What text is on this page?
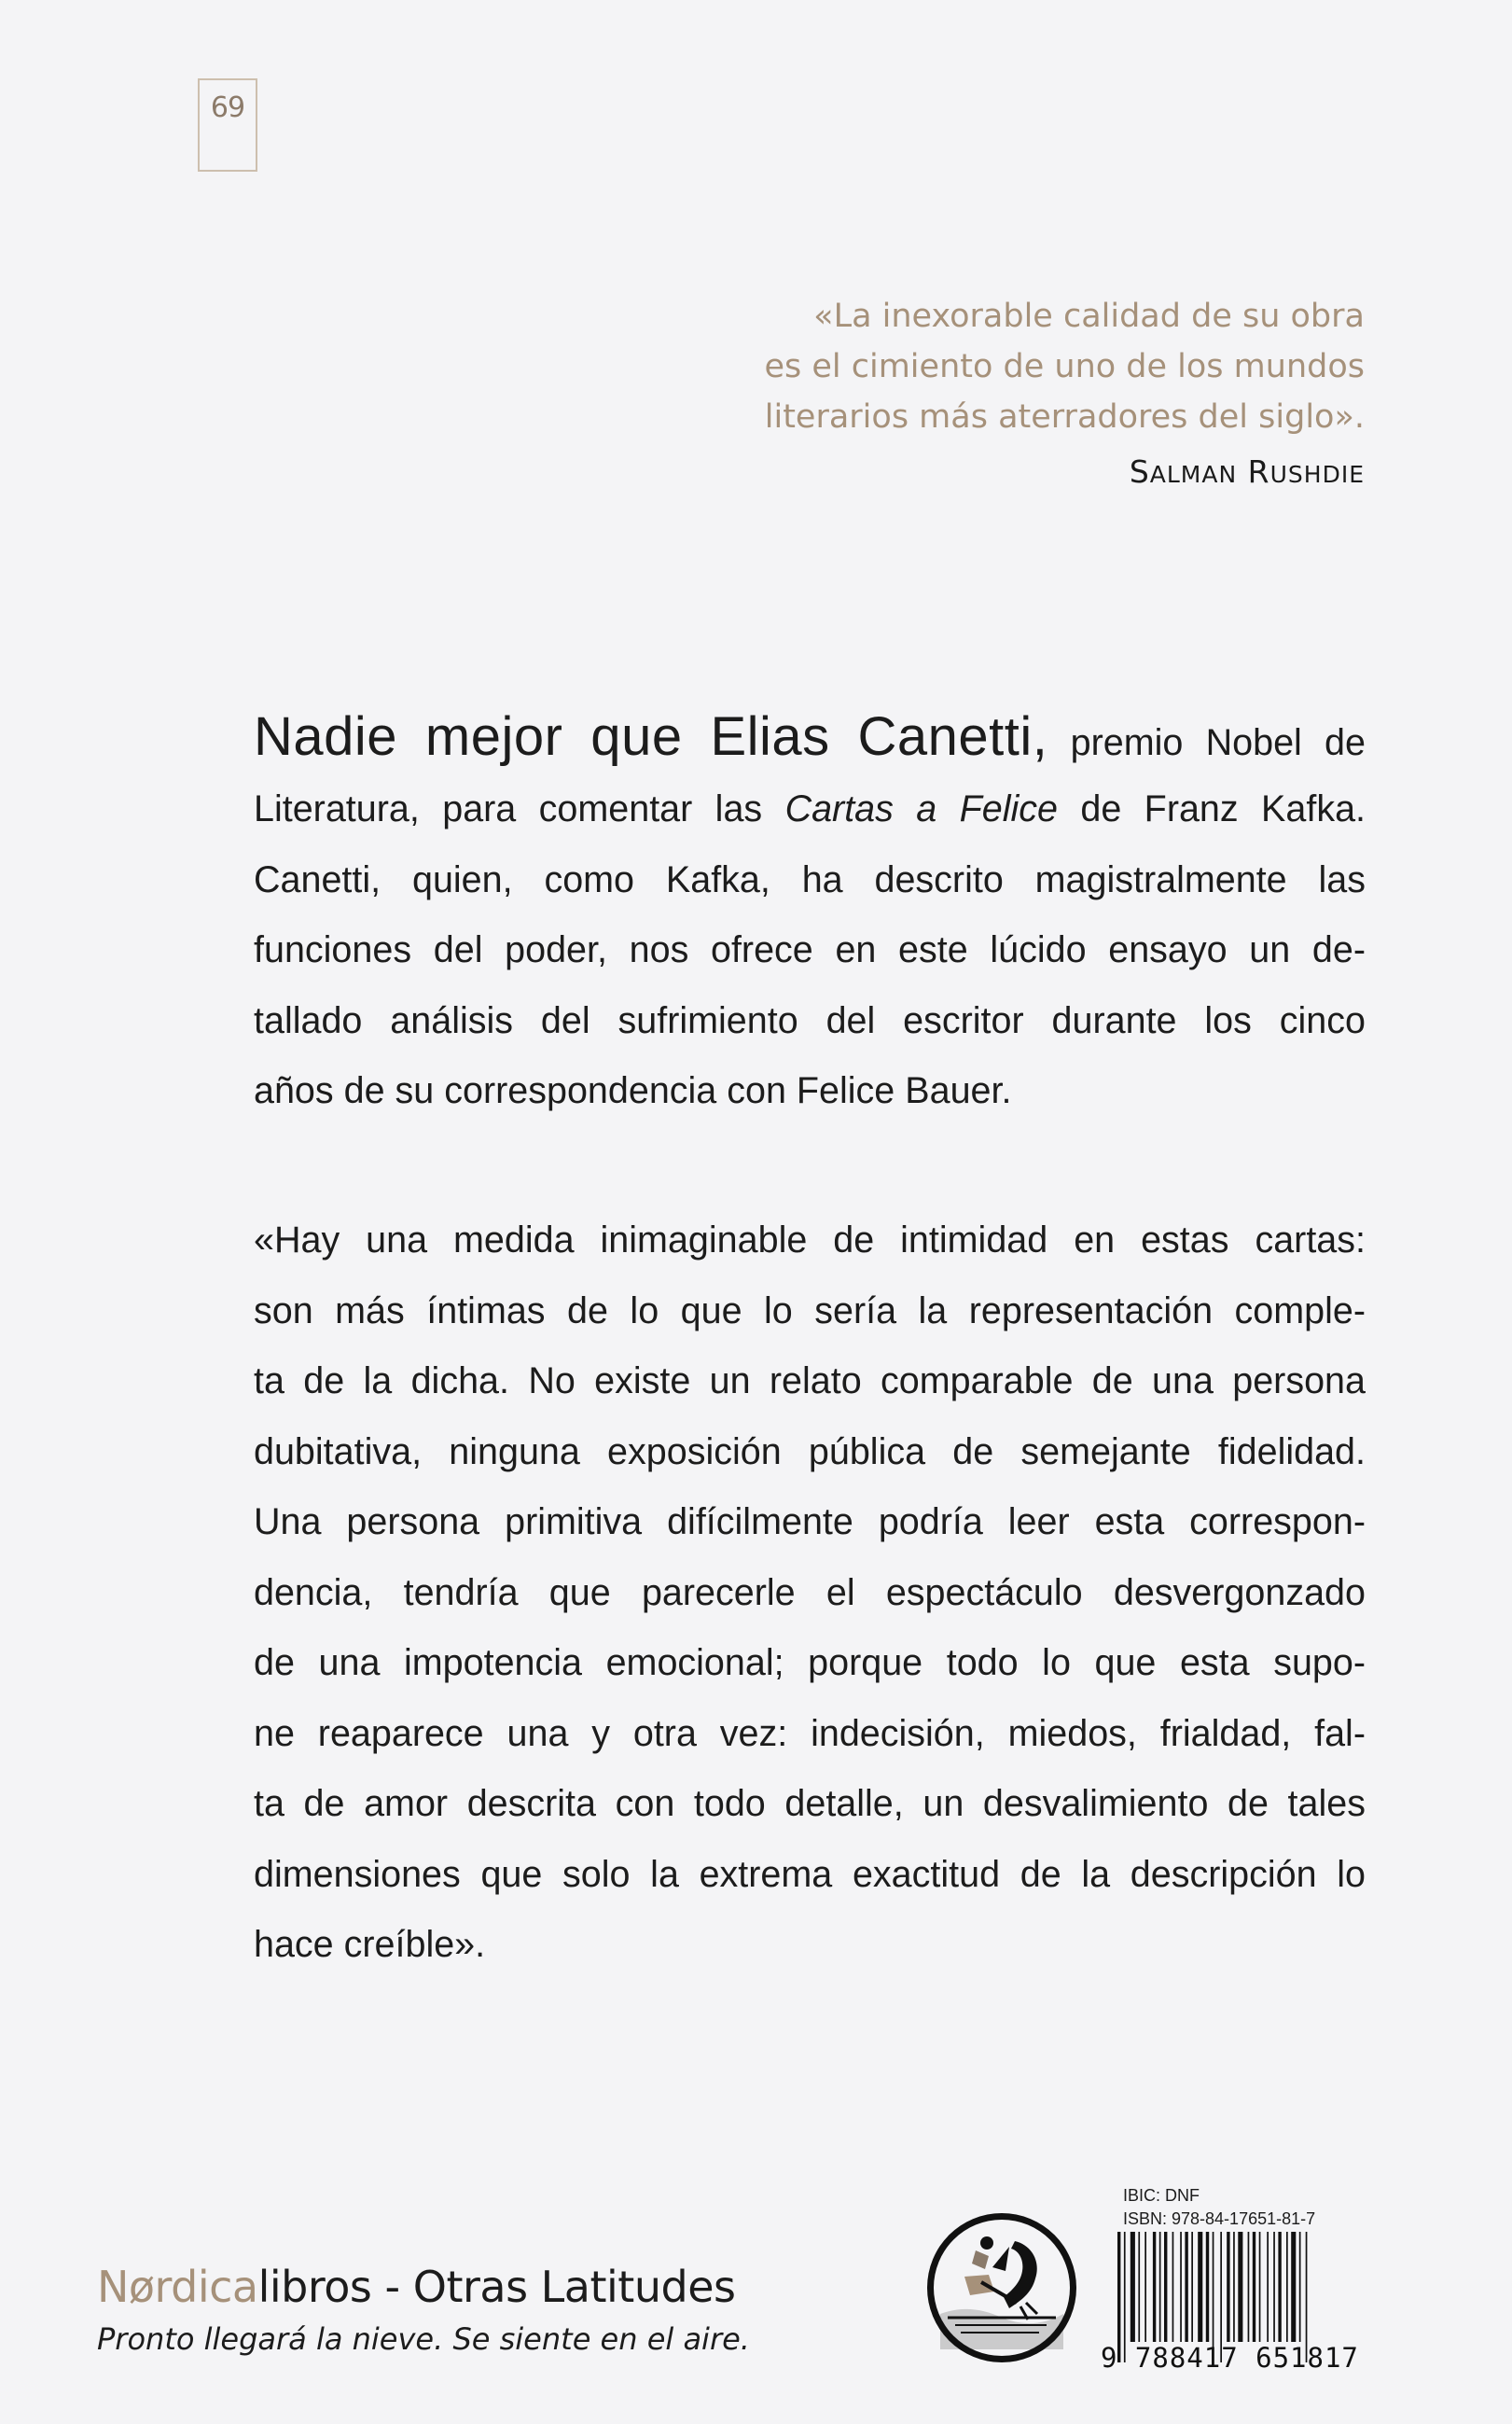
69
«La inexorable calidad de su obra
es el cimiento de uno de los mundos
literarios más aterradores del siglo».
SALMAN RUSHDIE
Nadie mejor que Elias Canetti, premio Nobel de
Literatura, para comentar las Cartas a Felice de Franz Kafka.
Canetti, quien, como Kafka, ha descrito magistralmente las
funciones del poder, nos ofrece en este lúcido ensayo un de-
tallado análisis del sufrimiento del escritor durante los cinco
años de su correspondencia con Felice Bauer.
«Hay una medida inimaginable de intimidad en estas cartas:
son más íntimas de lo que lo sería la representación comple-
ta de la dicha. No existe un relato comparable de una persona
dubitativa, ninguna exposición pública de semejante fidelidad.
Una persona primitiva difícilmente podría leer esta correspon-
dencia, tendría que parecerle el espectáculo desvergonzado
de una impotencia emocional; porque todo lo que esta supo-
ne reaparece una y otra vez: indecisión, miedos, frialdad, fal-
ta de amor descrita con todo detalle, un desvalimiento de tales
dimensiones que solo la extrema exactitud de la descripción lo
hace creíble».
Nørdicalibros - Otras Latitudes
Pronto llegará la nieve. Se siente en el aire.
IBIC: DNF
ISBN: 978-84-17651-81-7
9 788417 651817
